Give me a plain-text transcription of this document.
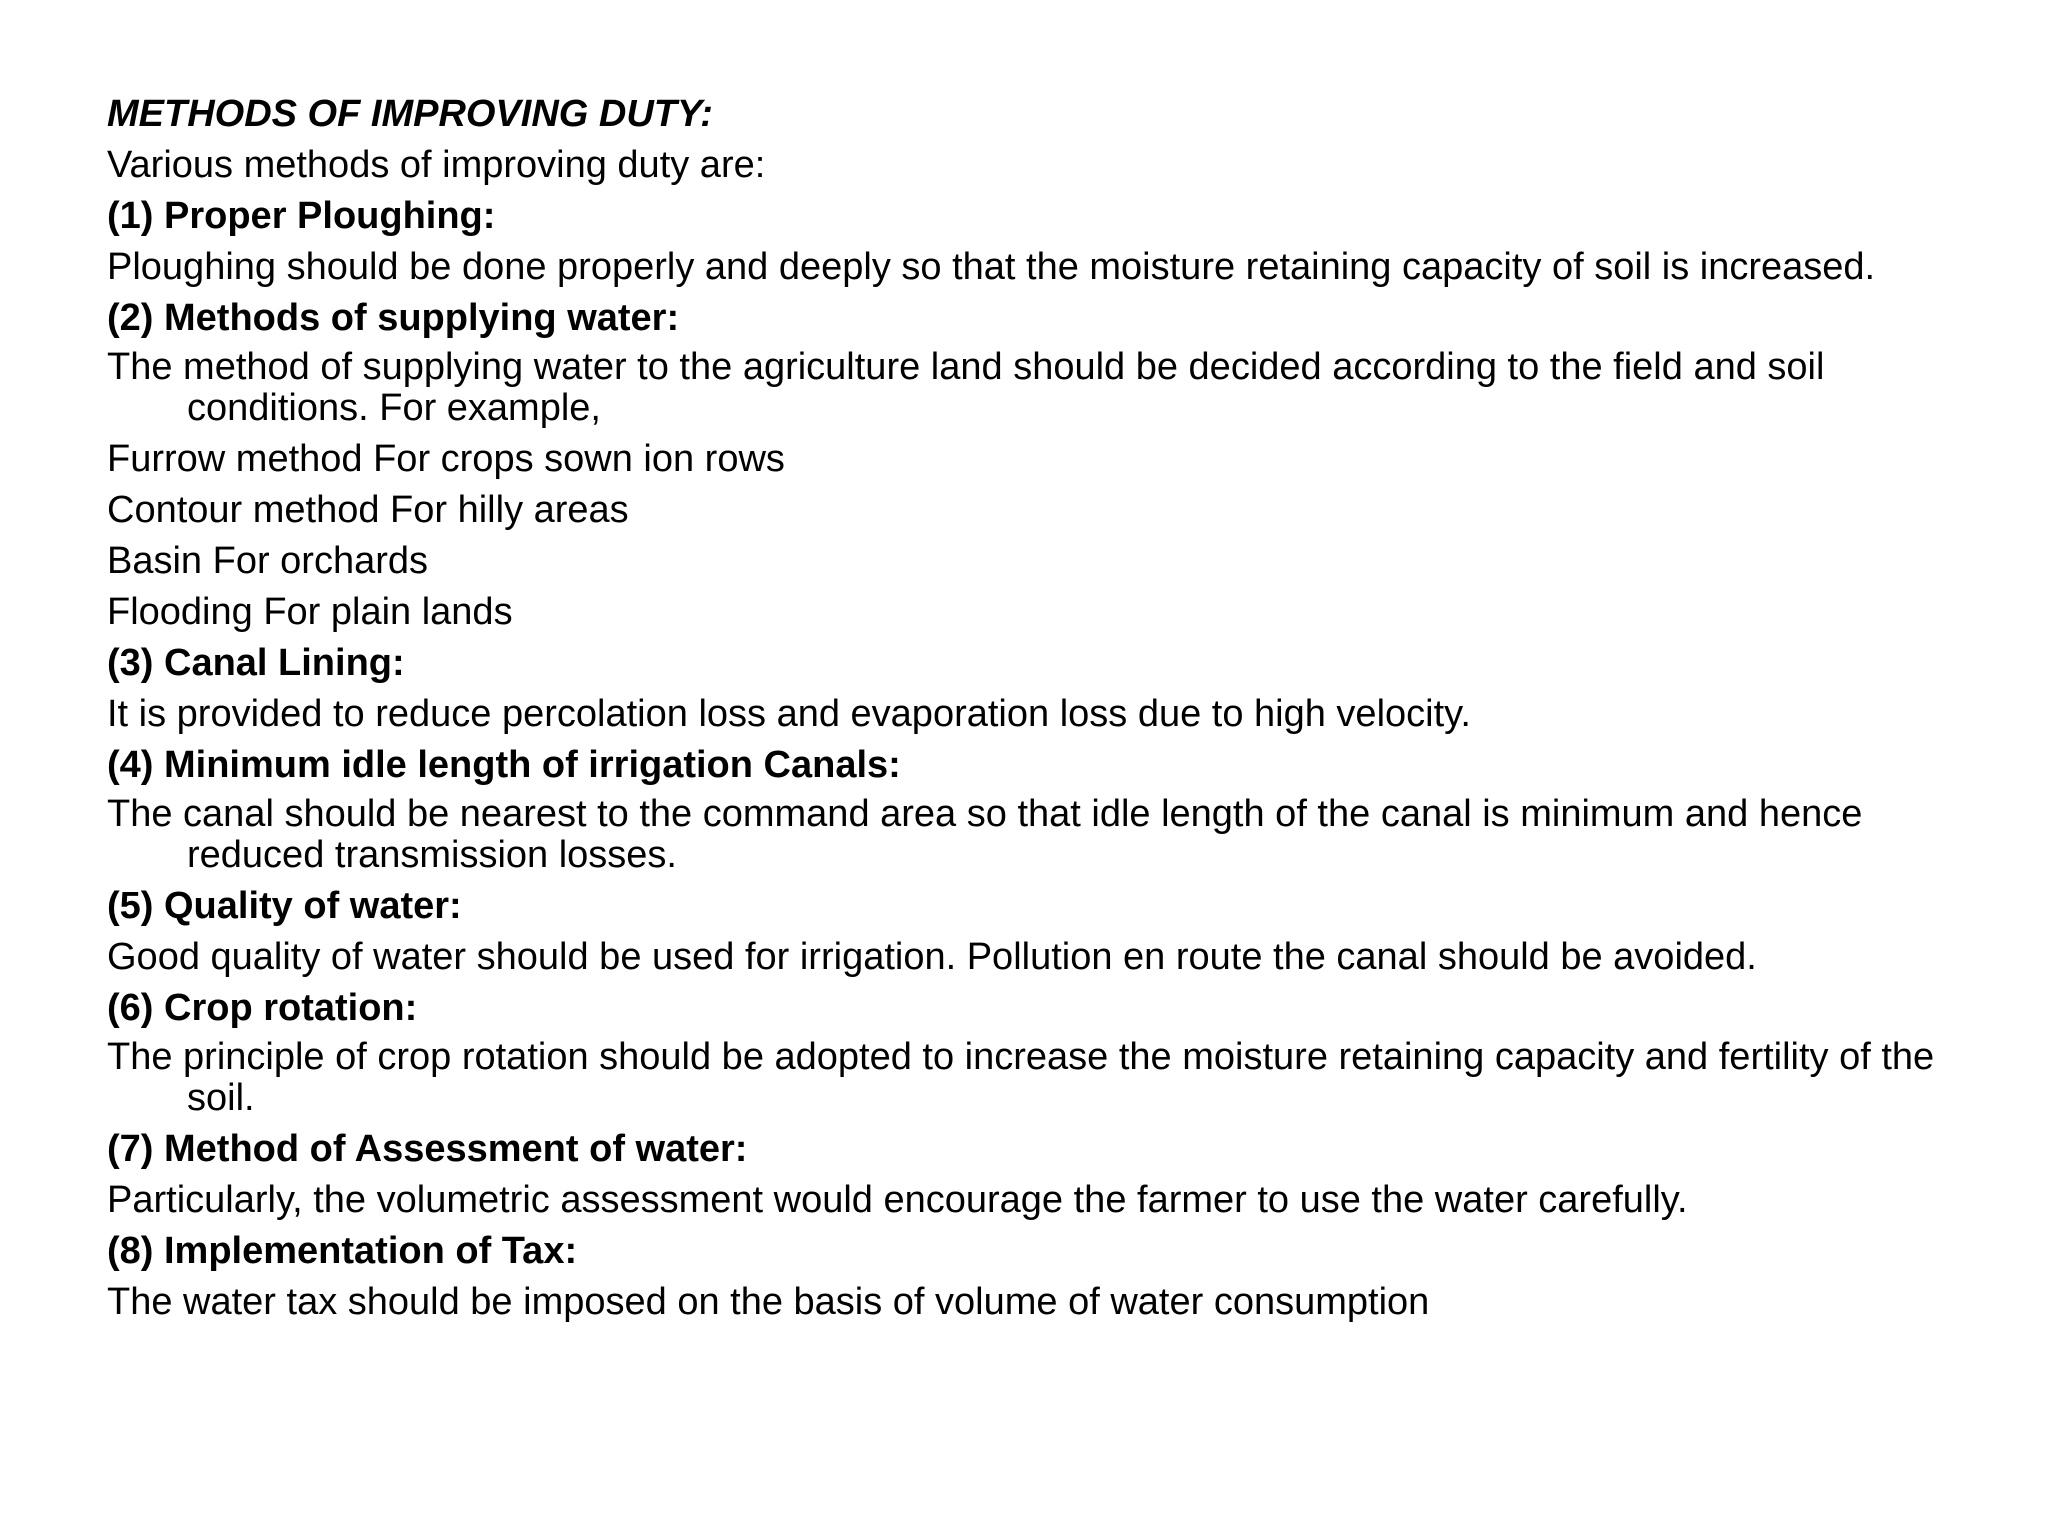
METHODS OF IMPROVING DUTY:
Various methods of improving duty are:
(1) Proper Ploughing:
Ploughing should be done properly and deeply so that the moisture retaining capacity of soil is increased.
(2) Methods of supplying water:
The method of supplying water to the agriculture land should be decided according to the field and soil conditions. For example,
Furrow method For crops sown ion rows
Contour method For hilly areas
Basin For orchards
Flooding For plain lands
(3) Canal Lining:
It is provided to reduce percolation loss and evaporation loss due to high velocity.
(4) Minimum idle length of irrigation Canals:
The canal should be nearest to the command area so that idle length of the canal is minimum and hence reduced transmission losses.
(5) Quality of water:
Good quality of water should be used for irrigation. Pollution en route the canal should be avoided.
(6) Crop rotation:
The principle of crop rotation should be adopted to increase the moisture retaining capacity and fertility of the soil.
(7) Method of Assessment of water:
Particularly, the volumetric assessment would encourage the farmer to use the water carefully.
(8) Implementation of Tax:
The water tax should be imposed on the basis of volume of water consumption
